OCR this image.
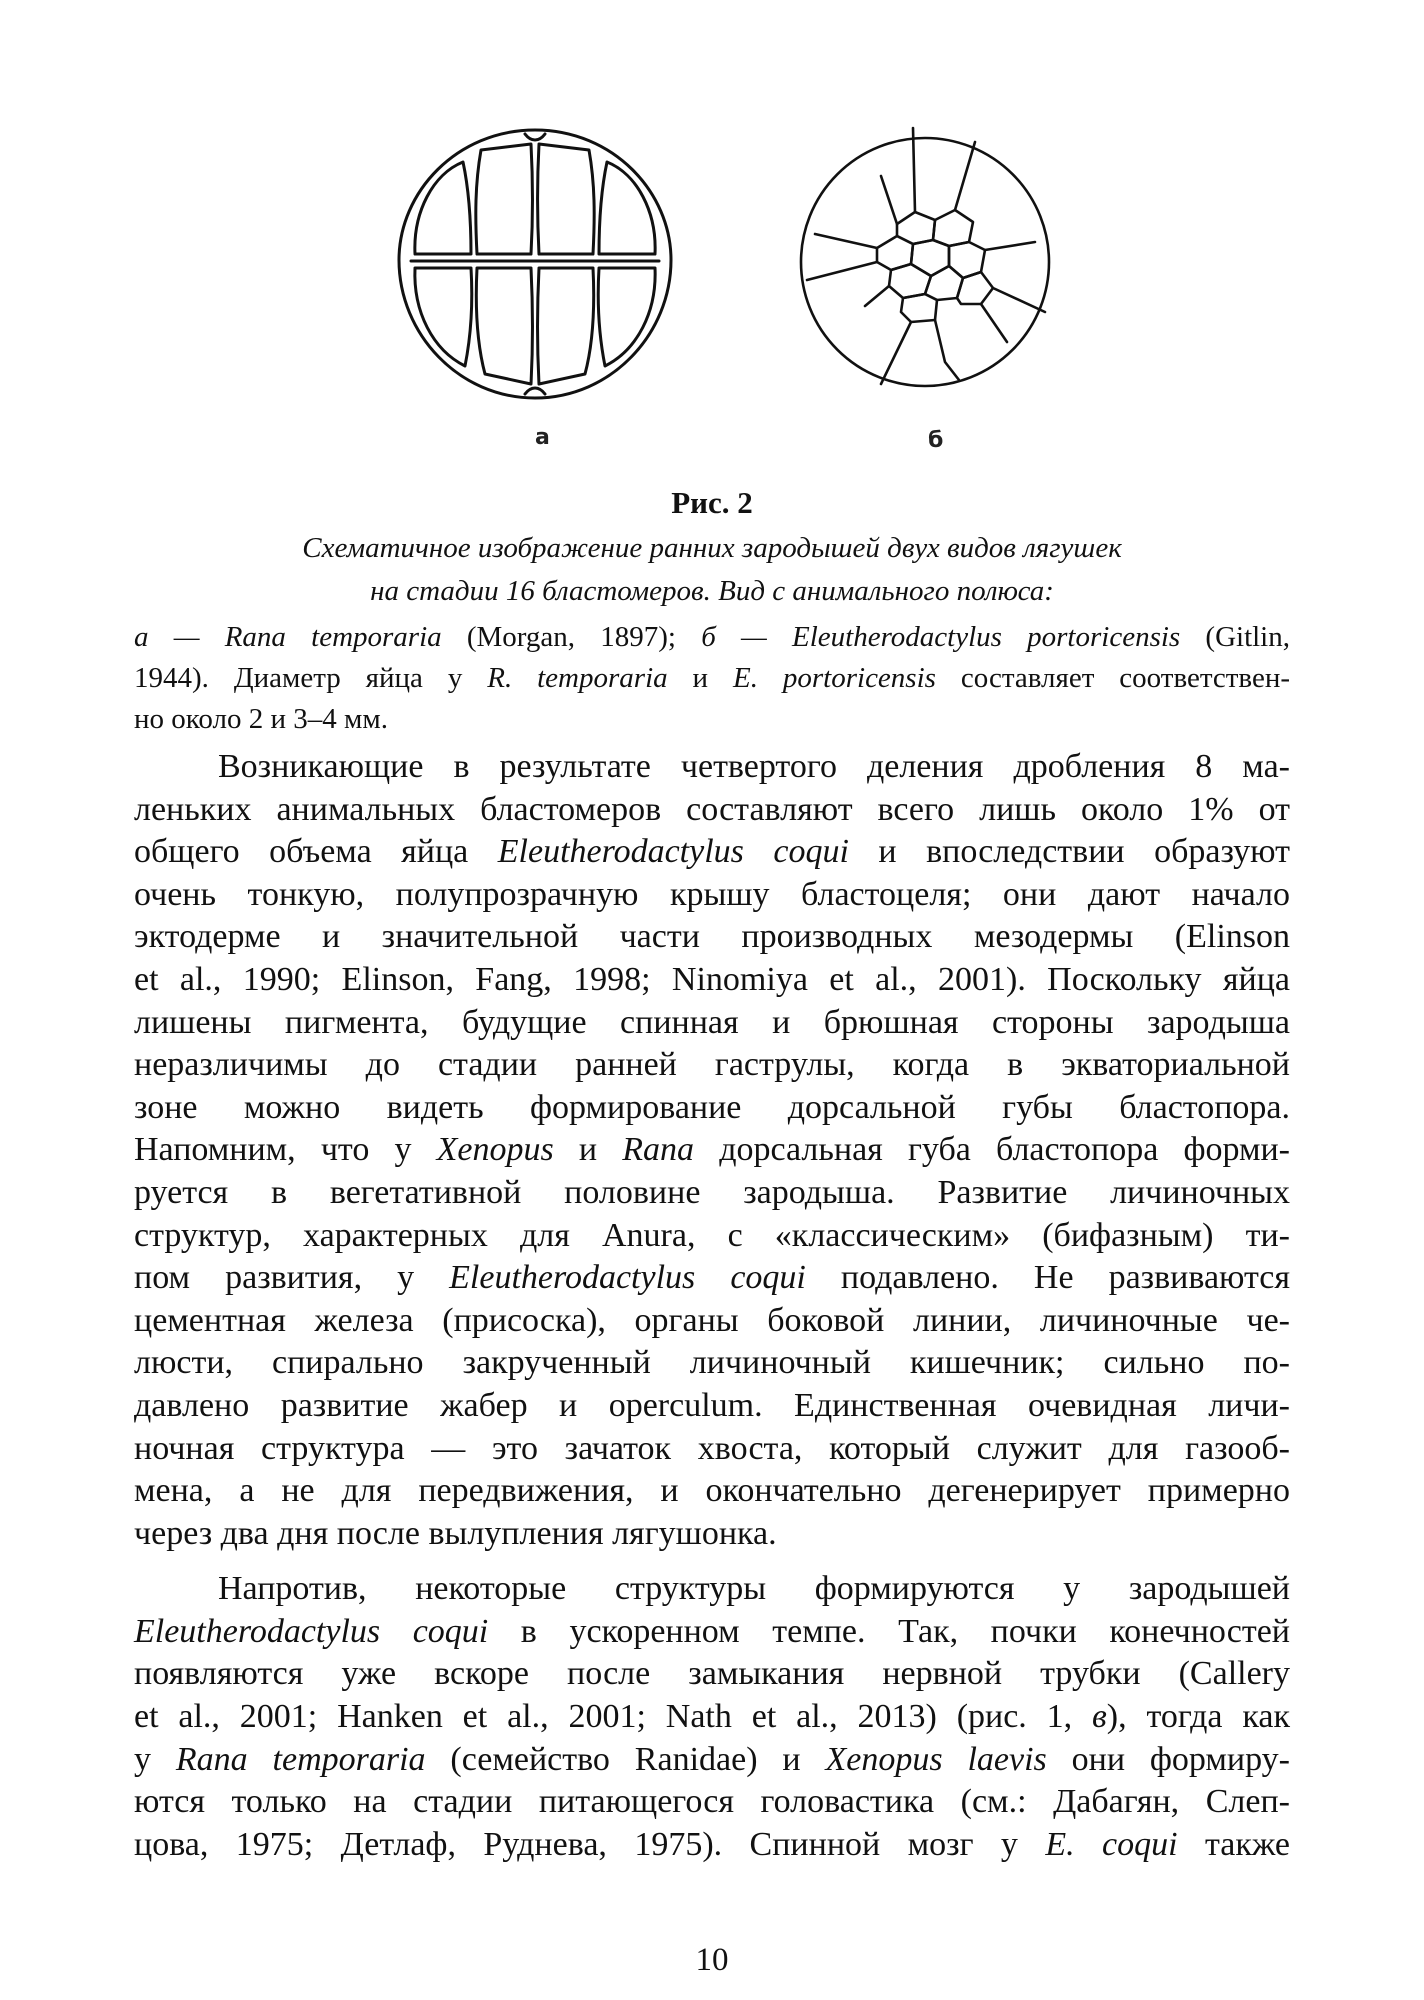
а	б
Рис. 2
Схематичное изображение ранних зародышей двух видов лягушек
на стадии 16 бластомеров. Вид с анимального полюса:
а — Rana temporaria (Morgan, 1897); б — Eleutherodactylus portoricensis (Gitlin,
1944). Диаметр яйца у R. temporaria и E. portoricensis составляет соответствен-
но около 2 и 3–4 мм.
Возникающие в результате четвертого деления дробления 8 ма-
леньких анимальных бластомеров составляют всего лишь около 1% от
общего объема яйца Eleutherodactylus coqui и впоследствии образуют
очень тонкую, полупрозрачную крышу бластоцеля; они дают начало
эктодерме и значительной части производных мезодермы (Elinson
et al., 1990; Elinson, Fang, 1998; Ninomiya et al., 2001). Поскольку яйца
лишены пигмента, будущие спинная и брюшная стороны зародыша
неразличимы до стадии ранней гаструлы, когда в экваториальной
зоне можно видеть формирование дорсальной губы бластопора.
Напомним, что у Xenopus и Rana дорсальная губа бластопора форми-
руется в вегетативной половине зародыша. Развитие личиночных
структур, характерных для Anura, с «классическим» (бифазным) ти-
пом развития, у Eleutherodactylus coqui подавлено. Не развиваются
цементная железа (присоска), органы боковой линии, личиночные че-
люсти, спирально закрученный личиночный кишечник; сильно по-
давлено развитие жабер и operculum. Единственная очевидная личи-
ночная структура — это зачаток хвоста, который служит для газооб-
мена, а не для передвижения, и окончательно дегенерирует примерно
через два дня после вылупления лягушонка.
Напротив, некоторые структуры формируются у зародышей
Eleutherodactylus coqui в ускоренном темпе. Так, почки конечностей
появляются уже вскоре после замыкания нервной трубки (Callery
et al., 2001; Hanken et al., 2001; Nath et al., 2013) (рис. 1, в), тогда как
у Rana temporaria (семейство Ranidae) и Xenopus laevis они формиру-
ются только на стадии питающегося головастика (см.: Дабагян, Слеп-
цова, 1975; Детлаф, Руднева, 1975). Спинной мозг у E. coqui также
10
